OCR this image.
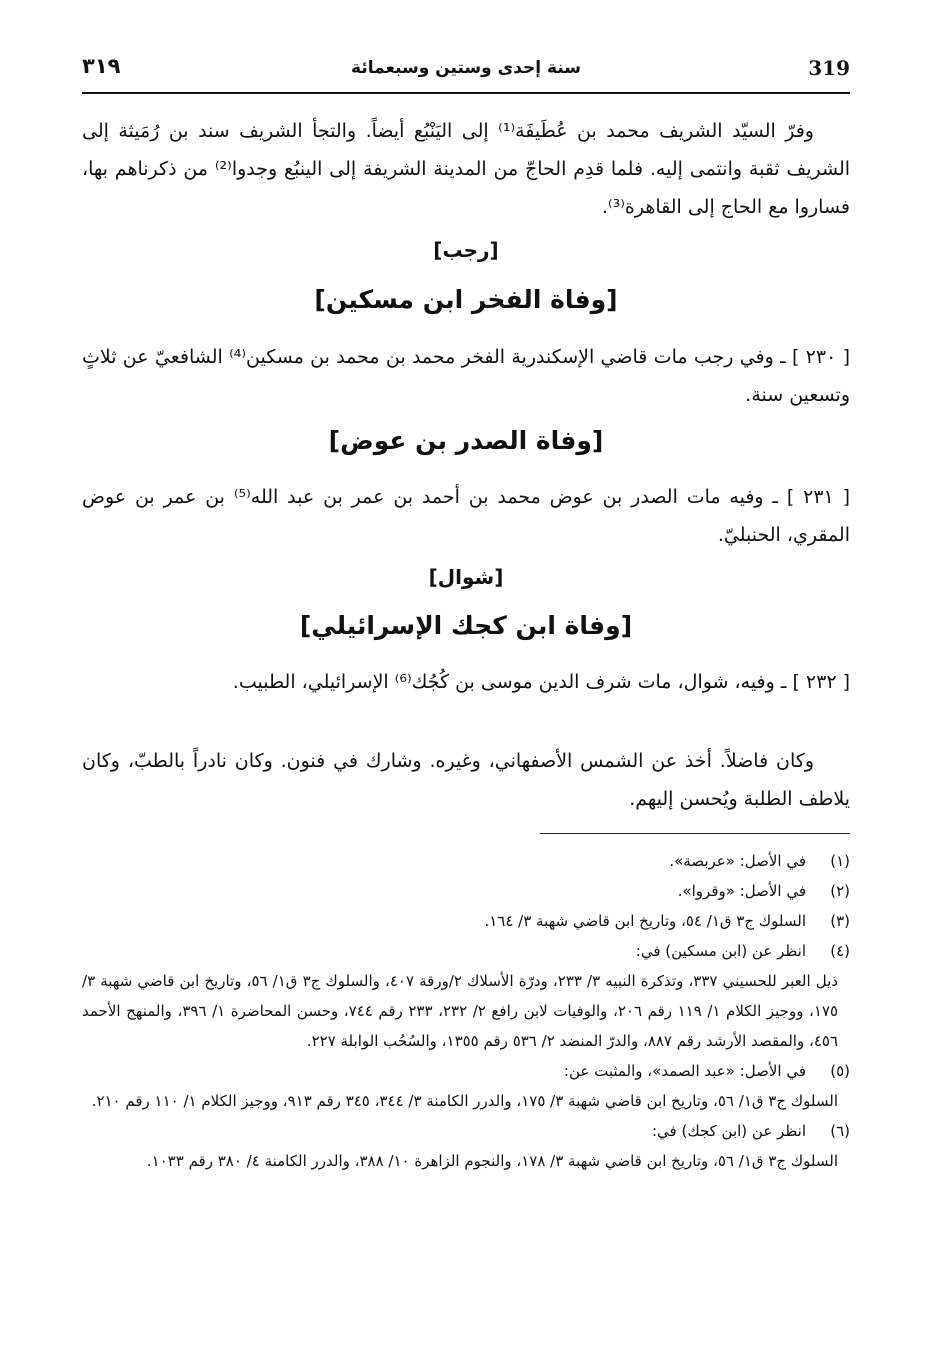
319
٣١٩	سنة إحدى وستين وسبعمائة

وفرّ السيّد الشريف محمد بن عُطَيفَة⁽¹⁾ إلى اليَنْبُع أيضاً. والتجأ الشريف سند بن رُمَيثة إلى الشريف ثقبة وانتمى إليه. فلما قدِم الحاجّ من المدينة الشريفة إلى الينبُع وجدوا⁽²⁾ من ذكرناهم بها، فساروا مع الحاج إلى القاهرة⁽³⁾.

[رجب]
[وفاة الفخر ابن مسكين]

[ ٢٣٠ ] ـ وفي رجب مات قاضي الإسكندرية الفخر محمد بن محمد بن مسكين⁽⁴⁾ الشافعيّ عن ثلاثٍ وتسعين سنة.

[وفاة الصدر بن عوض]

[ ٢٣١ ] ـ وفيه مات الصدر بن عوض محمد بن أحمد بن عمر بن عبد الله⁽⁵⁾ بن عمر بن عوض المقري، الحنبليّ.

[شوال]
[وفاة ابن كجك الإسرائيلي]

[ ٢٣٢ ] ـ وفيه، شوال، مات شرف الدين موسى بن كُجُك⁽⁶⁾ الإسرائيلي، الطبيب.

وكان فاضلاً. أخذ عن الشمس الأصفهاني، وغيره. وشارك في فنون. وكان نادراً بالطبّ، وكان يلاطف الطلبة ويُحسن إليهم.

(١)
في الأصل: «عربصة».
(٢)
في الأصل: «وقروا».
(٣)
السلوك ج٣ ق١/ ٥٤، وتاريخ ابن قاضي شهبة ٣/ ١٦٤.
(٤)
انظر عن (ابن مسكين) في:
ذيل العبر للحسيني ٣٣٧، وتذكرة النبيه ٣/ ٢٣٣، ودرّة الأسلاك ٢/ورقة ٤٠٧، والسلوك ج٣ ق١/ ٥٦، وتاريخ ابن قاضي شهبة ٣/ ١٧٥، ووجيز الكلام ١/ ١١٩ رقم ٢٠٦، والوفيات لابن رافع ٢/ ٢٣٢، ٢٣٣ رقم ٧٤٤، وحسن المحاضرة ١/ ٣٩٦، والمنهج الأحمد ٤٥٦، والمقصد الأرشد رقم ٨٨٧، والدرّ المنضد ٢/ ٥٣٦ رقم ١٣٥٥، والسُحُب الوابلة ٢٢٧.
(٥)
في الأصل: «عبد الصمد»، والمثبت عن:
السلوك ج٣ ق١/ ٥٦، وتاريخ ابن قاضي شهبة ٣/ ١٧٥، والدرر الكامنة ٣/ ٣٤٤، ٣٤٥ رقم ٩١٣، ووجيز الكلام ١/ ١١٠ رقم ٢١٠.
(٦)
انظر عن (ابن كجك) في:
السلوك ج٣ ق١/ ٥٦، وتاريخ ابن قاضي شهبة ٣/ ١٧٨، والنجوم الزاهرة ١٠/ ٣٨٨، والدرر الكامنة ٤/ ٣٨٠ رقم ١٠٣٣.
